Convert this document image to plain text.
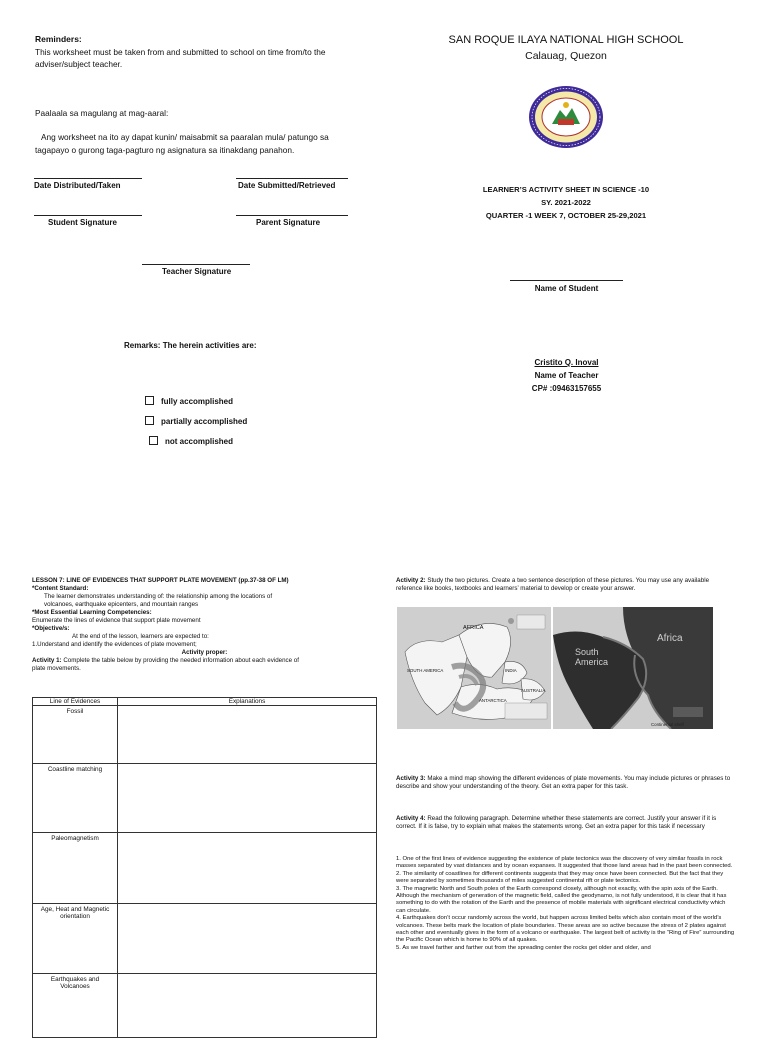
Reminders:
This worksheet must be taken from and submitted to school on time from/to the
adviser/subject teacher.
Paalaala sa magulang at mag-aaral:
Ang worksheet na ito ay dapat kunin/ maisabmit sa paaralan mula/ patungo sa
tagapayo o gurong taga-pagturo ng asignatura sa itinakdang panahon.
Date Distributed/Taken	Date Submitted/Retrieved
Student Signature	Parent Signature
Teacher Signature
Remarks: The herein activities are:
fully accomplished
partially accomplished
not accomplished
SAN ROQUE ILAYA NATIONAL HIGH SCHOOL
Calauag, Quezon
LEARNER’S ACTIVITY SHEET IN SCIENCE -10
SY. 2021-2022
QUARTER -1 WEEK 7, OCTOBER 25-29,2021
Name of Student
Cristito Q. Inoval
Name of Teacher
CP# :09463157655
LESSON 7: LINE OF EVIDENCES THAT SUPPORT PLATE MOVEMENT (pp.37-38 OF LM)
*Content Standard:
The learner demonstrates understanding of: the relationship among the locations of
volcanoes, earthquake epicenters, and mountain ranges
*Most Essential Learning Competencies:
Enumerate the lines of evidence that support plate movement
*Objective/s:
At the end of the lesson, learners are expected to:
1.Understand and identify the evidences of plate movement;
Activity proper:
Activity 1: Complete the table below by providing the needed information about each evidence of
plate movements.
Line of Evidences	Explanations
Fossil	
Coastline matching	
Paleomagnetism	
Age, Heat and Magnetic orientation	
Earthquakes and Volcanoes	
Activity 2: Study the two pictures. Create a two sentence description of these pictures. You may use any available reference like books, textbooks and learners’ material to develop or create your answer.
AFRICA
SOUTH AMERICA	INDIA
ANTARCTICA
AUSTRALIA
Africa
South America
Continental shelf
Activity 3: Make a mind map showing the different evidences of plate movements. You may include pictures or phrases to describe and show your understanding of the theory. Get an extra paper for this task.
Activity 4: Read the following paragraph. Determine whether these statements are correct. Justify your answer if it is correct. If it is false, try to explain what makes the statements wrong. Get an extra paper for this task if necessary
1. One of the first lines of evidence suggesting the existence of plate tectonics was the discovery of very similar fossils in rock masses separated by vast distances and by ocean expanses. It suggested that those land areas had in the past been connected.
2. The similarity of coastlines for different continents suggests that they may once have been connected. But the fact that they were separated by sometimes thousands of miles suggested continental rift or plate tectonics.
3. The magnetic North and South poles of the Earth correspond closely, although not exactly, with the spin axis of the Earth. Although the mechanism of generation of the magnetic field, called the geodynamo, is not fully understood, it is clear that it has something to do with the rotation of the Earth and the presence of mobile materials with significant electrical conductivity which can circulate.
4. Earthquakes don’t occur randomly across the world, but happen across limited belts which also contain most of the world’s volcanoes. These belts mark the location of plate boundaries. These areas are so active because the stress of 2 plates against each other and eventually gives in the form of a volcano or earthquake. The largest belt of activity is the “Ring of Fire” surrounding the Pacific Ocean which is home to 90% of all quakes.
5. As we travel farther and farther out from the spreading center the rocks get older and older, and
